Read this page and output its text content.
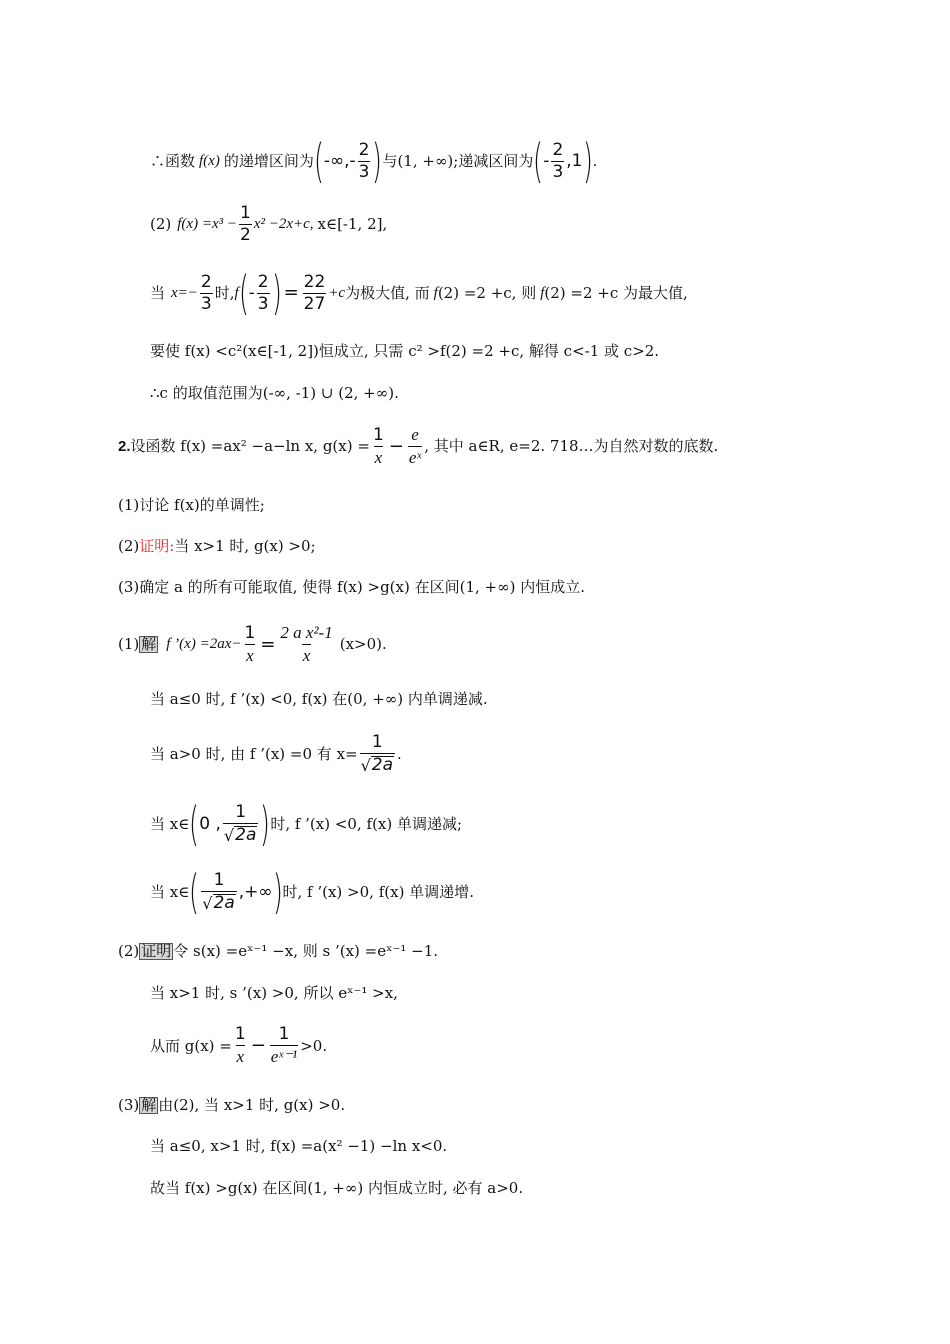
∴函数 f(x) 的递增区间为 ( -∞,- $\frac{2}{3}$ ) 与(1, +∞);递减区间为 ( - $\frac{2}{3} ,1$ ) .
(2) $f(x) =x^3 - \frac{1}{2} x^2 -2x+c$, x∈[-1, 2],
当 $x=- \frac{2}{3}$ 时, f ( - $\frac{2}{3}$ ) = $\frac{22}{27} +c$ 为极大值, 而 f (2) =2 +c, 则 f (2) =2 +c 为最大值,
要使 f(x) <c²(x∈[-1, 2])恒成立, 只需 c² >f(2) =2 +c, 解得 c<-1 或 c>2.
∴c 的取值范围为(-∞, -1) ∪ (2, +∞).
2. 设函数 f(x) =ax² −a−ln x, $g(x) = \frac{1}{x} - \frac{e}{\text{eˣ}}$ , 其中 a∈R, e=2. 718…为自然对数的底数.
(1)讨论 f(x)的单调性;
(2) 证明: 当 x>1 时, g(x) >0;
(3)确定 a 的所有可能取值, 使得 f(x) >g(x) 在区间(1, +∞) 内恒成立.
(1) 解 f ’(x) $=2ax- \frac{1}{x} = \frac{\text{2 a x²-1}}{x} (x>0)$.
当 a≤0 时, f ’(x) <0, f(x) 在(0, +∞) 内单调递减.
当 a>0 时, 由 f ’(x) =0 有 $x= \frac{1}{√ 2a}$ .
当 x∈ ( 0 , $\frac{1}{√ 2a}$ ) 时, f ’(x) <0, f(x) 单调递减;
当 x∈ ( $\frac{1}{√ 2a}$ ,+∞ ) 时, f ’(x) >0, f(x) 单调递增.
(2) 证明 令 s(x) =eˣ⁻¹ −x, 则 s ’(x) =eˣ⁻¹ −1.
当 x>1 时, s ’(x) >0, 所以 eˣ⁻¹ >x,
从而 $g(x) = \frac{1}{x} - \frac{1}{\text{eˣ⁻¹}} >0$.
(3) 解 由(2), 当 x>1 时, g(x) >0.
当 a≤0, x>1 时, f(x) =a(x² −1) −ln x<0.
故当 f(x) >g(x) 在区间(1, +∞) 内恒成立时, 必有 a>0.
